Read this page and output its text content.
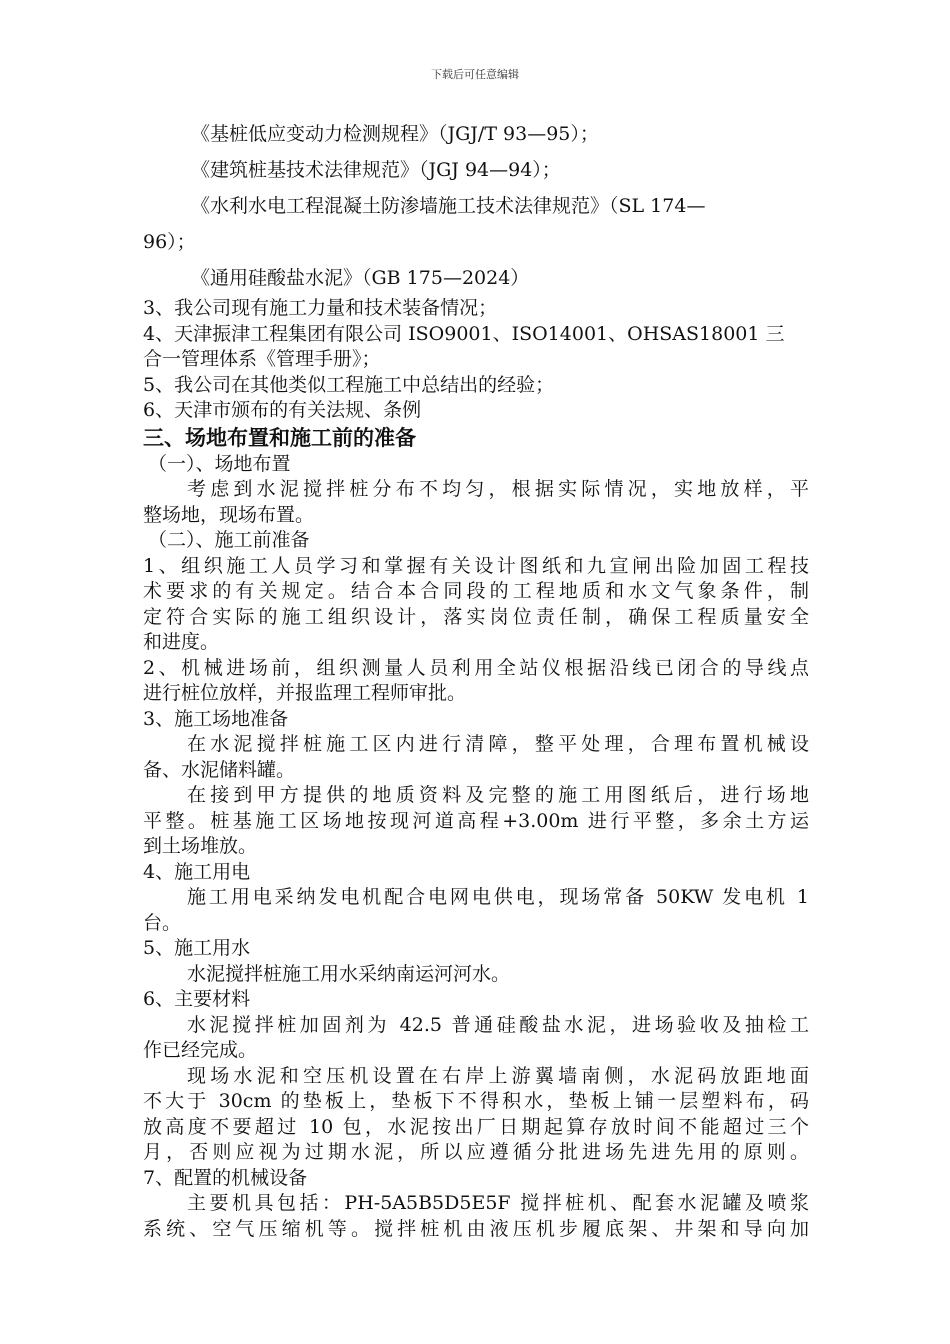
下载后可任意编辑
《基桩低应变动力检测规程》（JGJ/T 93—95）；
《建筑桩基技术法律规范》（JGJ 94—94）；
《水利水电工程混凝土防渗墙施工技术法律规范》（SL 174—
96）；
《通用硅酸盐水泥》（GB 175—2024）
3、我公司现有施工力量和技术装备情况；
4、天津振津工程集团有限公司 ISO9001、ISO14001、OHSAS18001 三
合一管理体系《管理手册》；
5、我公司在其他类似工程施工中总结出的经验；
6、天津市颁布的有关法规、条例
三、场地布置和施工前的准备
（一）、场地布置
考虑到水泥搅拌桩分布不均匀，根据实际情况，实地放样，平
整场地，现场布置。
（二）、施工前准备
1、组织施工人员学习和掌握有关设计图纸和九宣闸出险加固工程技
术要求的有关规定。结合本合同段的工程地质和水文气象条件，制
定符合实际的施工组织设计，落实岗位责任制，确保工程质量安全
和进度。
2、机械进场前，组织测量人员利用全站仪根据沿线已闭合的导线点
进行桩位放样，并报监理工程师审批。
3、施工场地准备
在水泥搅拌桩施工区内进行清障，整平处理，合理布置机械设
备、水泥储料罐。
在接到甲方提供的地质资料及完整的施工用图纸后，进行场地
平整。桩基施工区场地按现河道高程+3.00m 进行平整，多余土方运
到土场堆放。
4、施工用电
施工用电采纳发电机配合电网电供电，现场常备 50KW 发电机 1
台。
5、施工用水
水泥搅拌桩施工用水采纳南运河河水。
6、主要材料
水泥搅拌桩加固剂为 42.5 普通硅酸盐水泥，进场验收及抽检工
作已经完成。
现场水泥和空压机设置在右岸上游翼墙南侧，水泥码放距地面
不大于 30cm 的垫板上，垫板下不得积水，垫板上铺一层塑料布，码
放高度不要超过 10 包，水泥按出厂日期起算存放时间不能超过三个
月，否则应视为过期水泥，所以应遵循分批进场先进先用的原则。
7、配置的机械设备
主要机具包括：PH-5A5B5D5E5F 搅拌桩机、配套水泥罐及喷浆
系统、空气压缩机等。搅拌桩机由液压机步履底架、井架和导向加
